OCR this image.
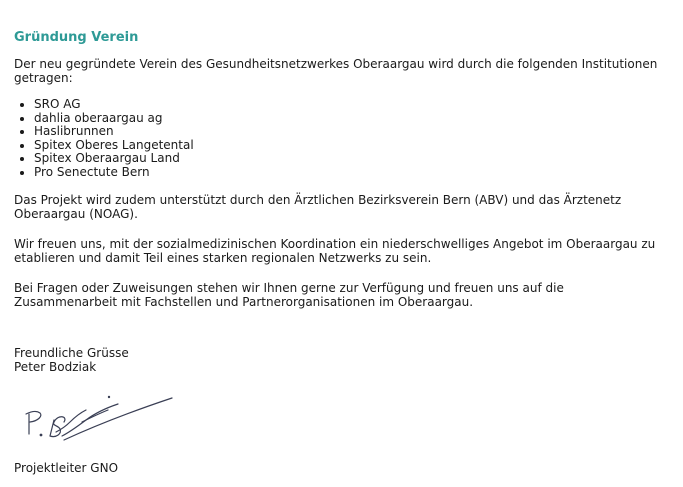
Gründung Verein
Der neu gegründete Verein des Gesundheitsnetzwerkes Oberaargau wird durch die folgenden Institutionen getragen:
SRO AG
dahlia oberaargau ag
Haslibrunnen
Spitex Oberes Langetental
Spitex Oberaargau Land
Pro Senectute Bern
Das Projekt wird zudem unterstützt durch den Ärztlichen Bezirksverein Bern (ABV) und das Ärztenetz Oberaargau (NOAG).
Wir freuen uns, mit der sozialmedizinischen Koordination ein niederschwelliges Angebot im Oberaargau zu etablieren und damit Teil eines starken regionalen Netzwerks zu sein.
Bei Fragen oder Zuweisungen stehen wir Ihnen gerne zur Verfügung und freuen uns auf die Zusammenarbeit mit Fachstellen und Partnerorganisationen im Oberaargau.
Freundliche Grüsse
Peter Bodziak
Projektleiter GNO
